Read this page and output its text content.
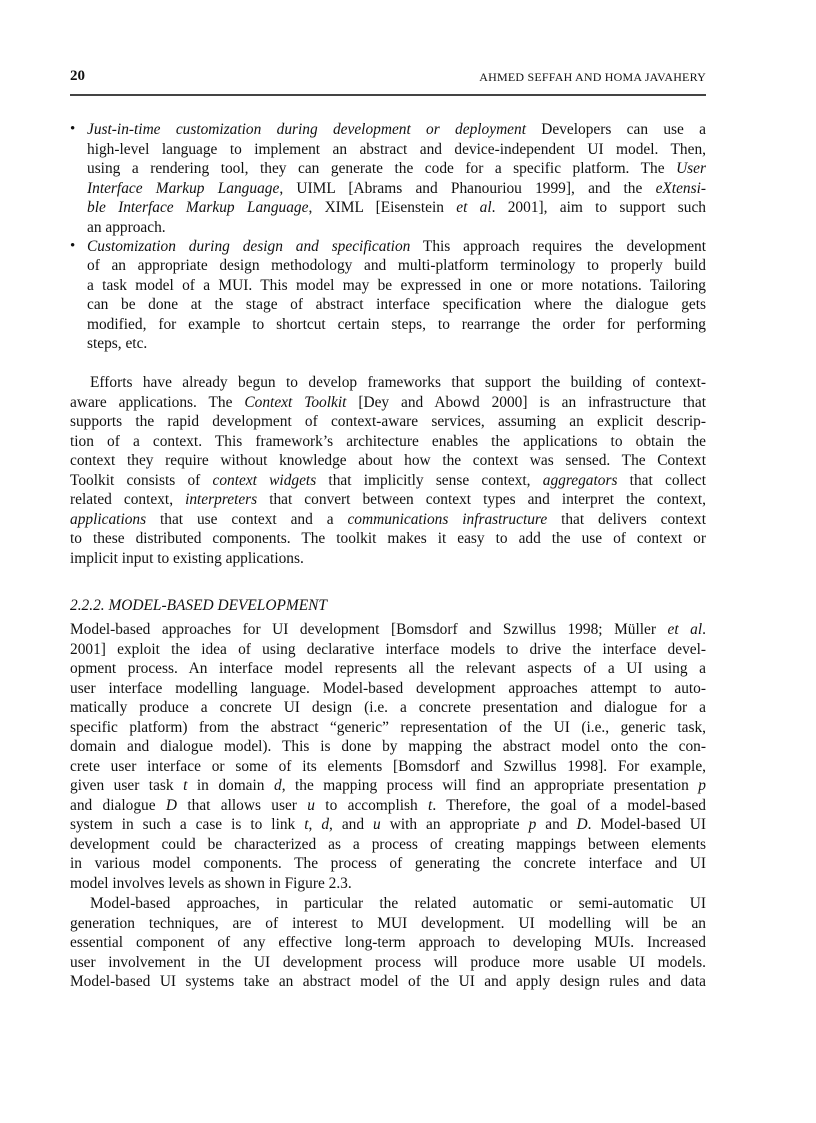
20	AHMED SEFFAH AND HOMA JAVAHERY
2.2.2. MODEL-BASED DEVELOPMENT
• Just-in-time customization during development or deployment Developers can use a
high-level language to implement an abstract and device-independent UI model. Then,
using a rendering tool, they can generate the code for a specific platform. The User
Interface Markup Language, UIML [Abrams and Phanouriou 1999], and the eXtensi-
ble Interface Markup Language, XIML [Eisenstein et al. 2001], aim to support such
an approach.
• Customization during design and specification This approach requires the development
of an appropriate design methodology and multi-platform terminology to properly build
a task model of a MUI. This model may be expressed in one or more notations. Tailoring
can be done at the stage of abstract interface specification where the dialogue gets
modified, for example to shortcut certain steps, to rearrange the order for performing
steps, etc.
Efforts have already begun to develop frameworks that support the building of context-
aware applications. The Context Toolkit [Dey and Abowd 2000] is an infrastructure that
supports the rapid development of context-aware services, assuming an explicit descrip-
tion of a context. This framework’s architecture enables the applications to obtain the
context they require without knowledge about how the context was sensed. The Context
Toolkit consists of context widgets that implicitly sense context, aggregators that collect
related context, interpreters that convert between context types and interpret the context,
applications that use context and a communications infrastructure that delivers context
to these distributed components. The toolkit makes it easy to add the use of context or
implicit input to existing applications.
Model-based approaches for UI development [Bomsdorf and Szwillus 1998; Müller et al.
2001] exploit the idea of using declarative interface models to drive the interface devel-
opment process. An interface model represents all the relevant aspects of a UI using a
user interface modelling language. Model-based development approaches attempt to auto-
matically produce a concrete UI design (i.e. a concrete presentation and dialogue for a
specific platform) from the abstract “generic” representation of the UI (i.e., generic task,
domain and dialogue model). This is done by mapping the abstract model onto the con-
crete user interface or some of its elements [Bomsdorf and Szwillus 1998]. For example,
given user task t in domain d, the mapping process will find an appropriate presentation p
and dialogue D that allows user u to accomplish t. Therefore, the goal of a model-based
system in such a case is to link t, d, and u with an appropriate p and D. Model-based UI
development could be characterized as a process of creating mappings between elements
in various model components. The process of generating the concrete interface and UI
model involves levels as shown in Figure 2.3.
Model-based approaches, in particular the related automatic or semi-automatic UI
generation techniques, are of interest to MUI development. UI modelling will be an
essential component of any effective long-term approach to developing MUIs. Increased
user involvement in the UI development process will produce more usable UI models.
Model-based UI systems take an abstract model of the UI and apply design rules and data
